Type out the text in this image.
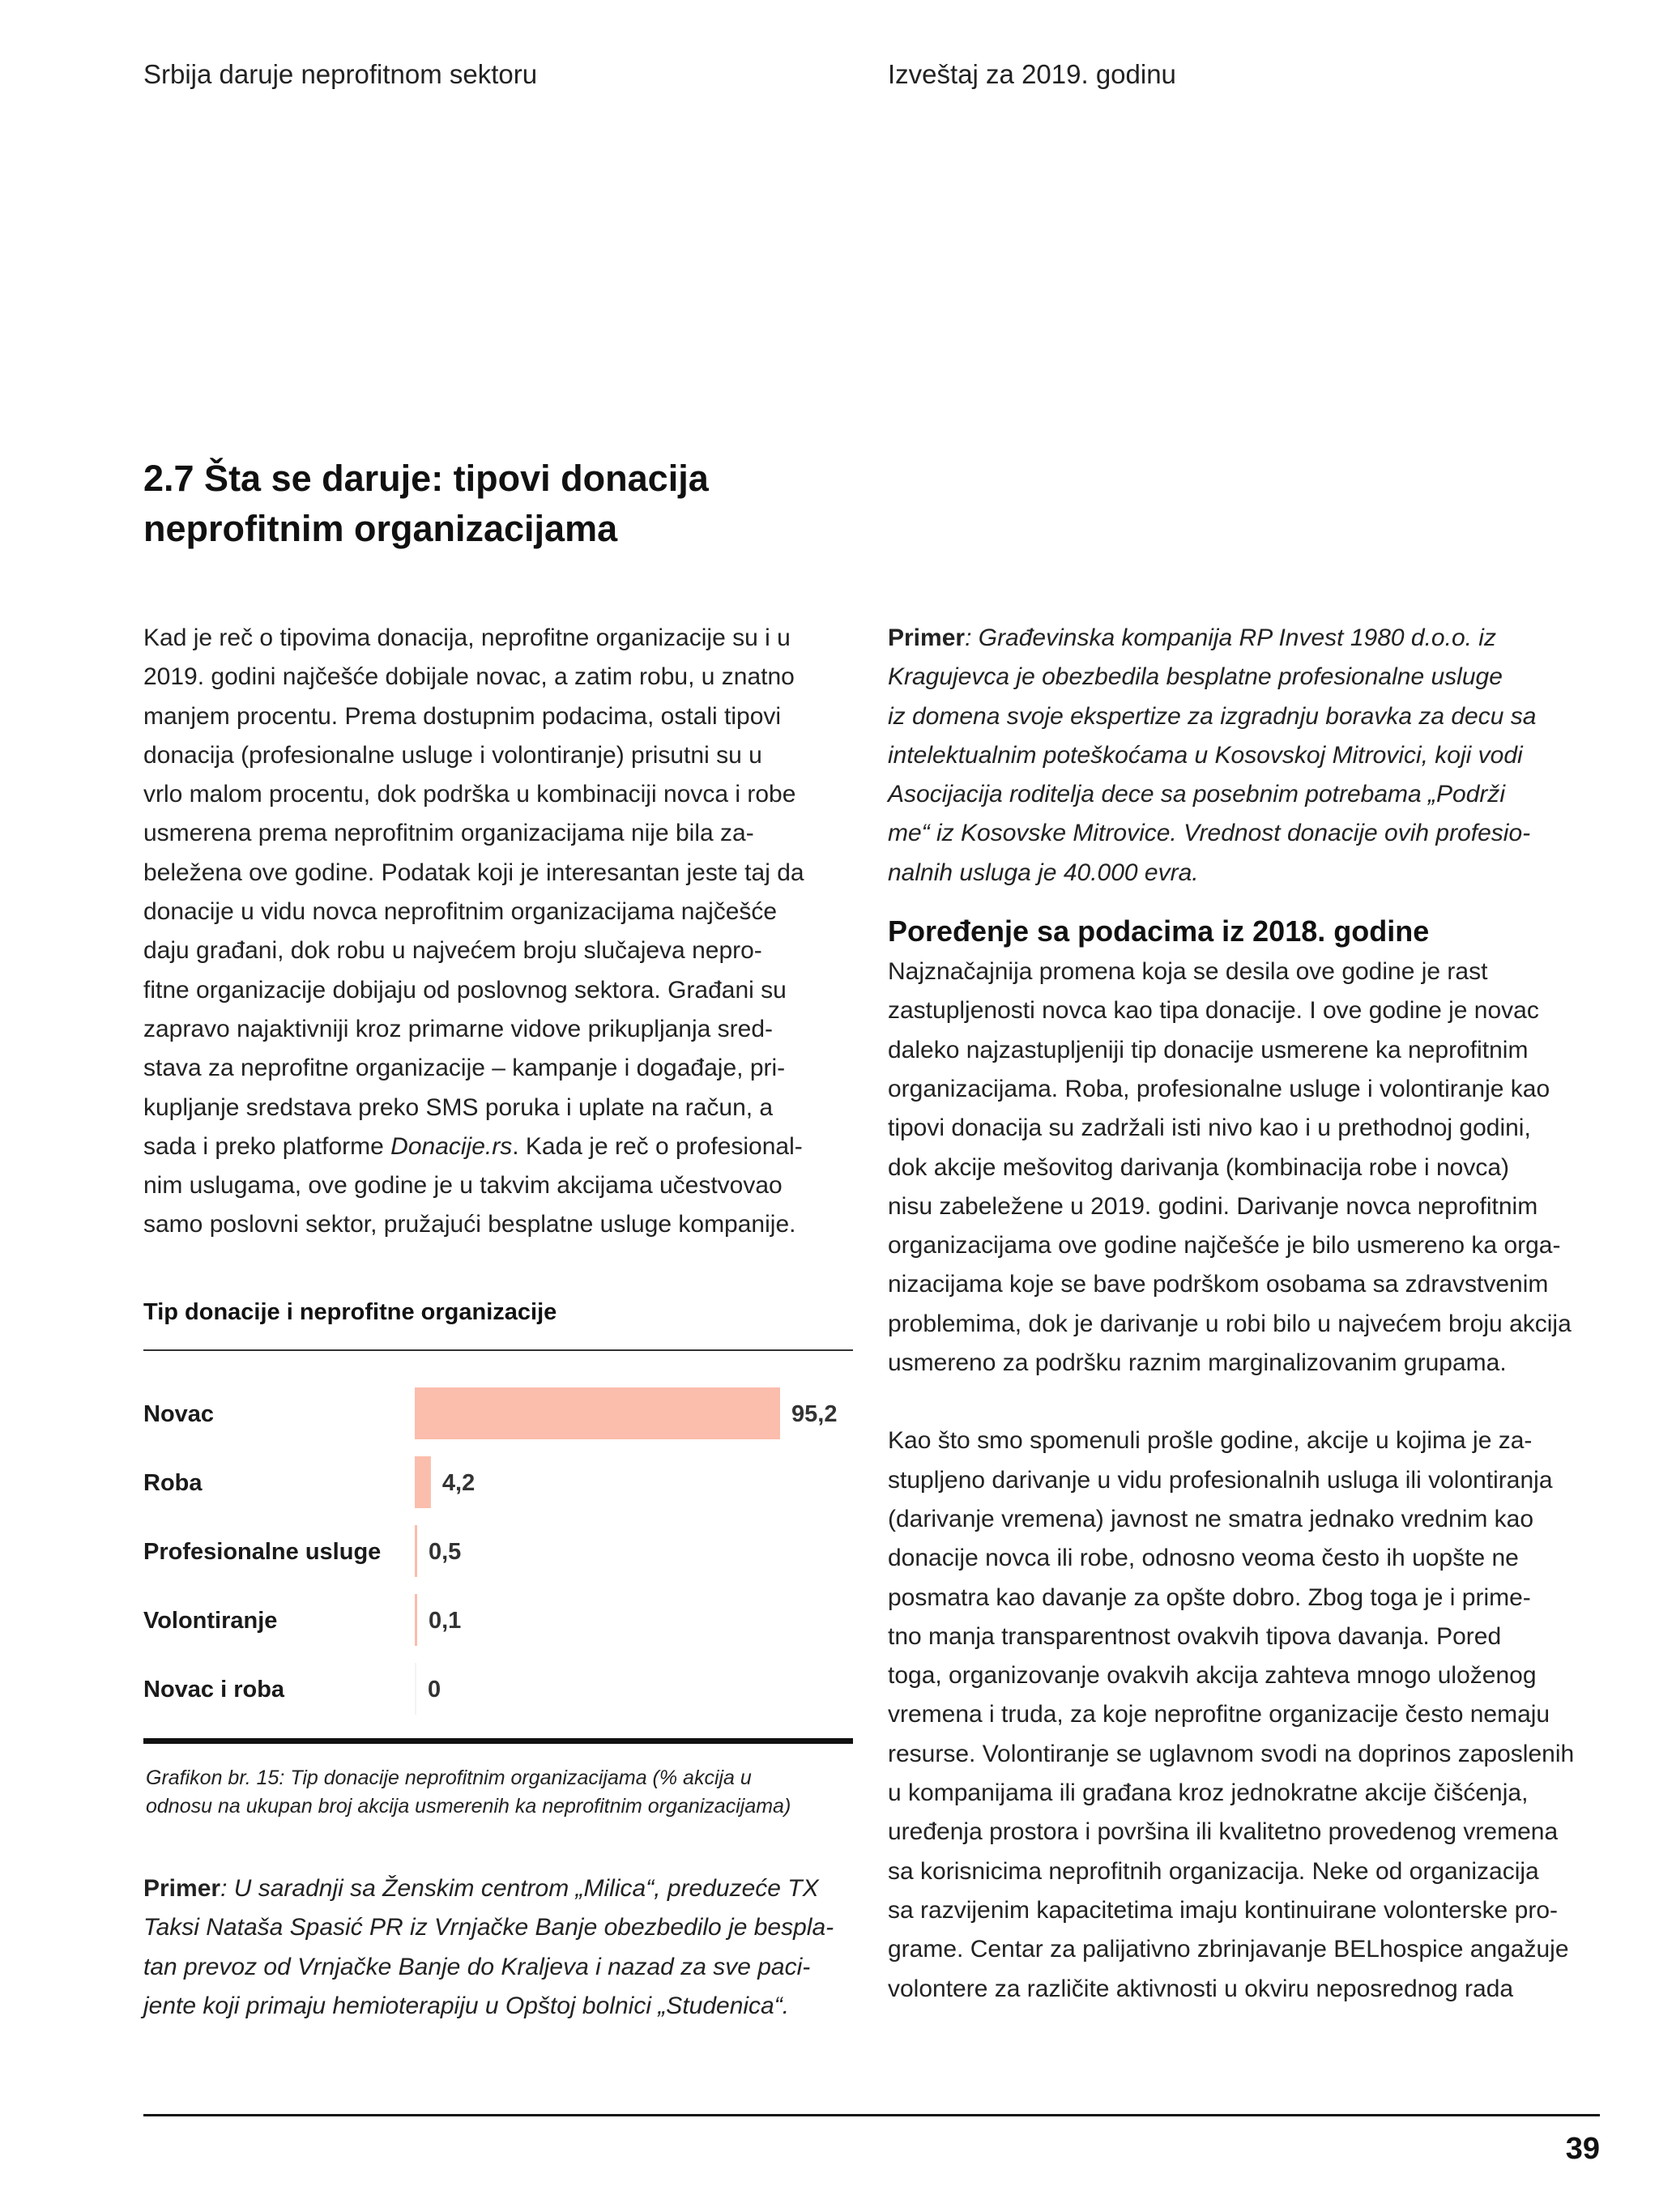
Srbija daruje neprofitnom sektoru	Izveštaj za 2019. godinu
2.7 Šta se daruje: tipovi donacija
neprofitnim organizacijama
Kad je reč o tipovima donacija, neprofitne organizacije su i u
2019. godini najčešće dobijale novac, a zatim robu, u znatno
manjem procentu. Prema dostupnim podacima, ostali tipovi
donacija (profesionalne usluge i volontiranje) prisutni su u
vrlo malom procentu, dok podrška u kombinaciji novca i robe
usmerena prema neprofitnim organizacijama nije bila za-
beležena ove godine. Podatak koji je interesantan jeste taj da
donacije u vidu novca neprofitnim organizacijama najčešće
daju građani, dok robu u najvećem broju slučajeva nepro-
fitne organizacije dobijaju od poslovnog sektora. Građani su
zapravo najaktivniji kroz primarne vidove prikupljanja sred-
stava za neprofitne organizacije – kampanje i događaje, pri-
kupljanje sredstava preko SMS poruka i uplate na račun, a
sada i preko platforme Donacije.rs. Kada je reč o profesional-
nim uslugama, ove godine je u takvim akcijama učestvovao
samo poslovni sektor, pružajući besplatne usluge kompanije.
Tip donacije i neprofitne organizacije
Novac	95,2
Roba	4,2
Profesionalne usluge 0,5
Volontiranje	0,1
Novac i roba	0
Grafikon br. 15: Tip donacije neprofitnim organizacijama (% akcija u
odnosu na ukupan broj akcija usmerenih ka neprofitnim organizacijama)
Primer: U saradnji sa Ženskim centrom „Milica“, preduzeće TX
Taksi Nataša Spasić PR iz Vrnjačke Banje obezbedilo je bespla-
tan prevoz od Vrnjačke Banje do Kraljeva i nazad za sve paci-
jente koji primaju hemioterapiju u Opštoj bolnici „Studenica“.
Primer: Građevinska kompanija RP Invest 1980 d.o.o. iz
Kragujevca je obezbedila besplatne profesionalne usluge
iz domena svoje ekspertize za izgradnju boravka za decu sa
intelektualnim poteškoćama u Kosovskoj Mitrovici, koji vodi
Asocijacija roditelja dece sa posebnim potrebama „Podrži
me“ iz Kosovske Mitrovice. Vrednost donacije ovih profesio-
nalnih usluga je 40.000 evra.
Poređenje sa podacima iz 2018. godine
Najznačajnija promena koja se desila ove godine je rast
zastupljenosti novca kao tipa donacije. I ove godine je novac
daleko najzastupljeniji tip donacije usmerene ka neprofitnim
organizacijama. Roba, profesionalne usluge i volontiranje kao
tipovi donacija su zadržali isti nivo kao i u prethodnoj godini,
dok akcije mešovitog darivanja (kombinacija robe i novca)
nisu zabeležene u 2019. godini. Darivanje novca neprofitnim
organizacijama ove godine najčešće je bilo usmereno ka orga-
nizacijama koje se bave podrškom osobama sa zdravstvenim
problemima, dok je darivanje u robi bilo u najvećem broju akcija
usmereno za podršku raznim marginalizovanim grupama.
Kao što smo spomenuli prošle godine, akcije u kojima je za-
stupljeno darivanje u vidu profesionalnih usluga ili volontiranja
(darivanje vremena) javnost ne smatra jednako vrednim kao
donacije novca ili robe, odnosno veoma često ih uopšte ne
posmatra kao davanje za opšte dobro. Zbog toga je i prime-
tno manja transparentnost ovakvih tipova davanja. Pored
toga, organizovanje ovakvih akcija zahteva mnogo uloženog
vremena i truda, za koje neprofitne organizacije često nemaju
resurse. Volontiranje se uglavnom svodi na doprinos zaposlenih
u kompanijama ili građana kroz jednokratne akcije čišćenja,
uređenja prostora i površina ili kvalitetno provedenog vremena
sa korisnicima neprofitnih organizacija. Neke od organizacija
sa razvijenim kapacitetima imaju kontinuirane volonterske pro-
grame. Centar za palijativno zbrinjavanje BELhospice angažuje
volontere za različite aktivnosti u okviru neposrednog rada
39
